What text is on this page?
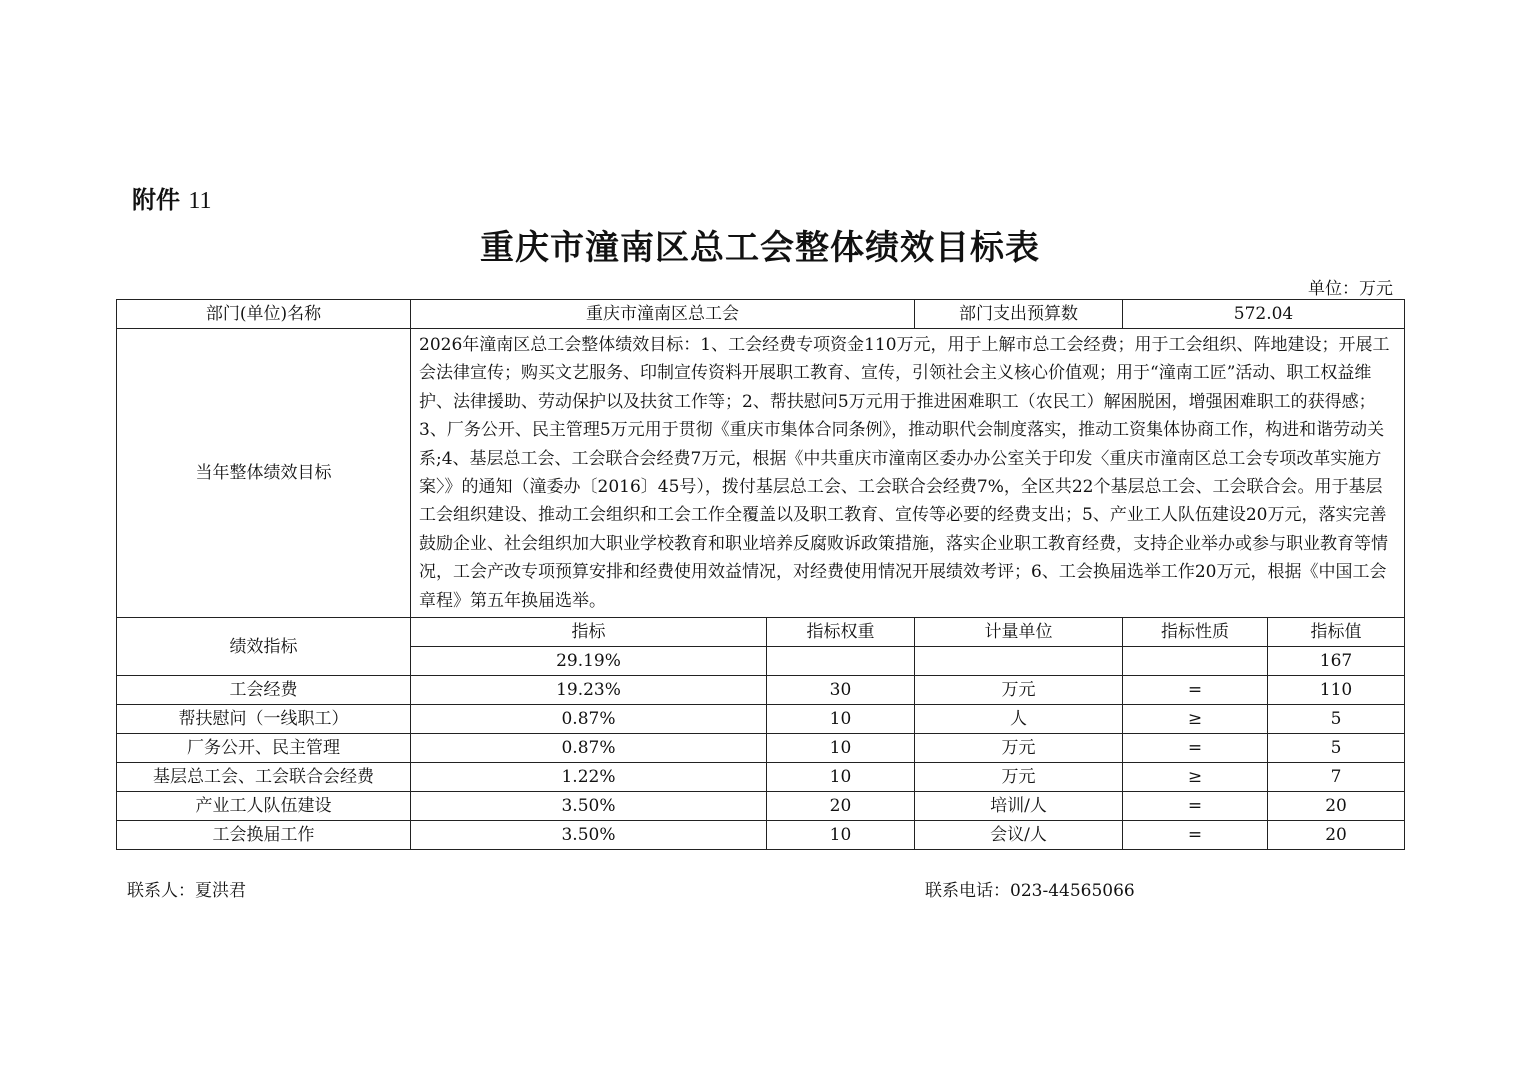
附件 11
重庆市潼南区总工会整体绩效目标表
单位：万元
部门(单位)名称	重庆市潼南区总工会		部门支出预算数	572.04	
当年整体绩效目标	2026年潼南区总工会整体绩效目标：1、工会经费专项资金110万元，用于上解市总工会经费；用于工会组织、阵地建设；开展工会法律宣传；购买文艺服务、印制宣传资料开展职工教育、宣传，引领社会主义核心价值观；用于“潼南工匠”活动、职工权益维护、法律援助、劳动保护以及扶贫工作等；2、帮扶慰问5万元用于推进困难职工（农民工）解困脱困，增强困难职工的获得感；3、厂务公开、民主管理5万元用于贯彻《重庆市集体合同条例》，推动职代会制度落实，推动工资集体协商工作，构进和谐劳动关系;4、基层总工会、工会联合会经费7万元，根据《中共重庆市潼南区委办办公室关于印发〈重庆市潼南区总工会专项改革实施方案〉》的通知（潼委办〔2016〕45号），拨付基层总工会、工会联合会经费7%，全区共22个基层总工会、工会联合会。用于基层工会组织建设、推动工会组织和工会工作全覆盖以及职工教育、宣传等必要的经费支出；5、产业工人队伍建设20万元，落实完善鼓励企业、社会组织加大职业学校教育和职业培养反腐败诉政策措施，落实企业职工教育经费，支持企业举办或参与职业教育等情况，工会产改专项预算安排和经费使用效益情况，对经费使用情况开展绩效考评；6、工会换届选举工作20万元，根据《中国工会章程》第五年换届选举。				
绩效指标	指标	指标权重	计量单位	指标性质	指标值
	29.19%				167
工会经费	19.23%	30	万元	=	110
帮扶慰问（一线职工）	0.87%	10	人	≥	5
厂务公开、民主管理	0.87%	10	万元	=	5
基层总工会、工会联合会经费	1.22%	10	万元	≥	7
产业工人队伍建设	3.50%	20	培训/人	=	20
工会换届工作	3.50%	10	会议/人	=	20
联系人：夏洪君	联系电话：023-44565066
